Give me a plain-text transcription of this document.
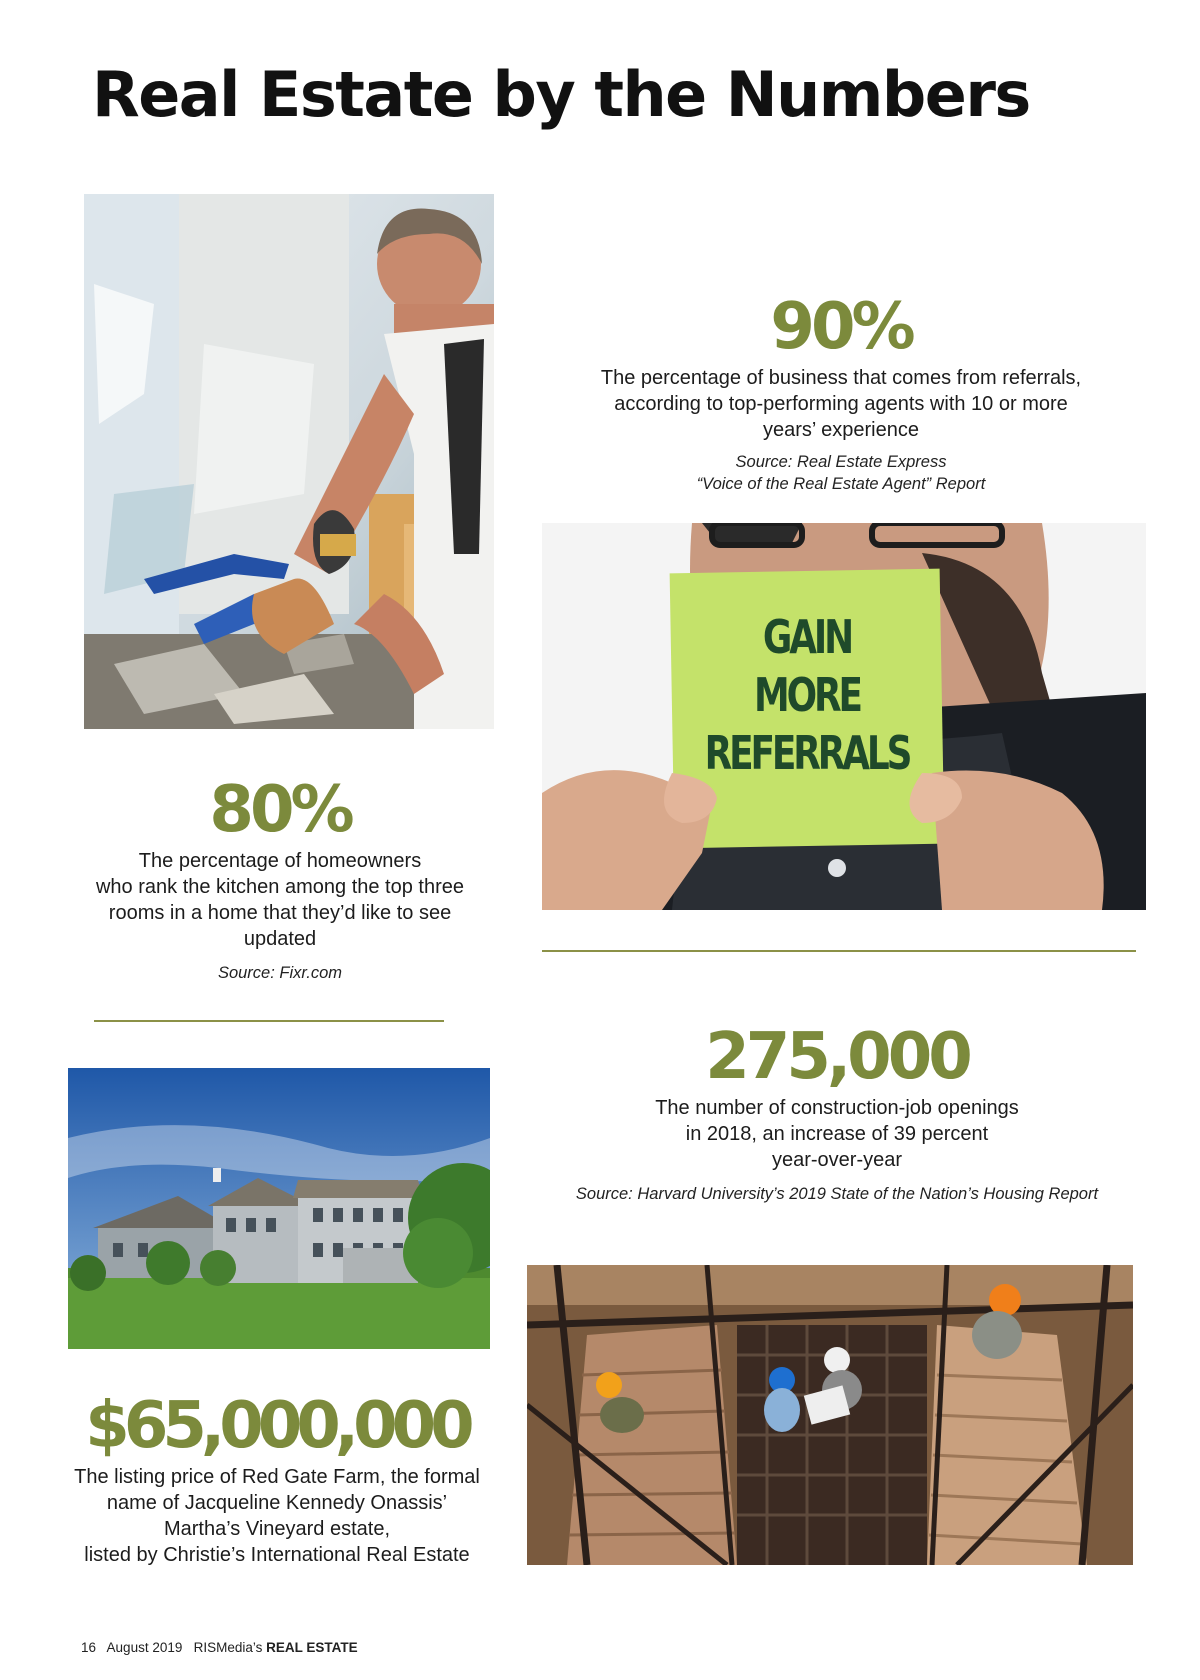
Real Estate by the Numbers
90%
The percentage of business that comes from referrals,
according to top-performing agents with 10 or more
years’ experience
Source: Real Estate Express
“Voice of the Real Estate Agent” Report
GAIN
MORE
REFERRALS
80%
The percentage of homeowners
who rank the kitchen among the top three
rooms in a home that they’d like to see
updated
Source: Fixr.com
275,000
The number of construction-job openings
in 2018, an increase of 39 percent
year-over-year
Source: Harvard University’s 2019 State of the Nation’s Housing Report
$65,000,000
The listing price of Red Gate Farm, the formal
name of Jacqueline Kennedy Onassis’
Martha’s Vineyard estate,
listed by Christie’s International Real Estate
16 August 2019 RISMedia’s REAL ESTATE
